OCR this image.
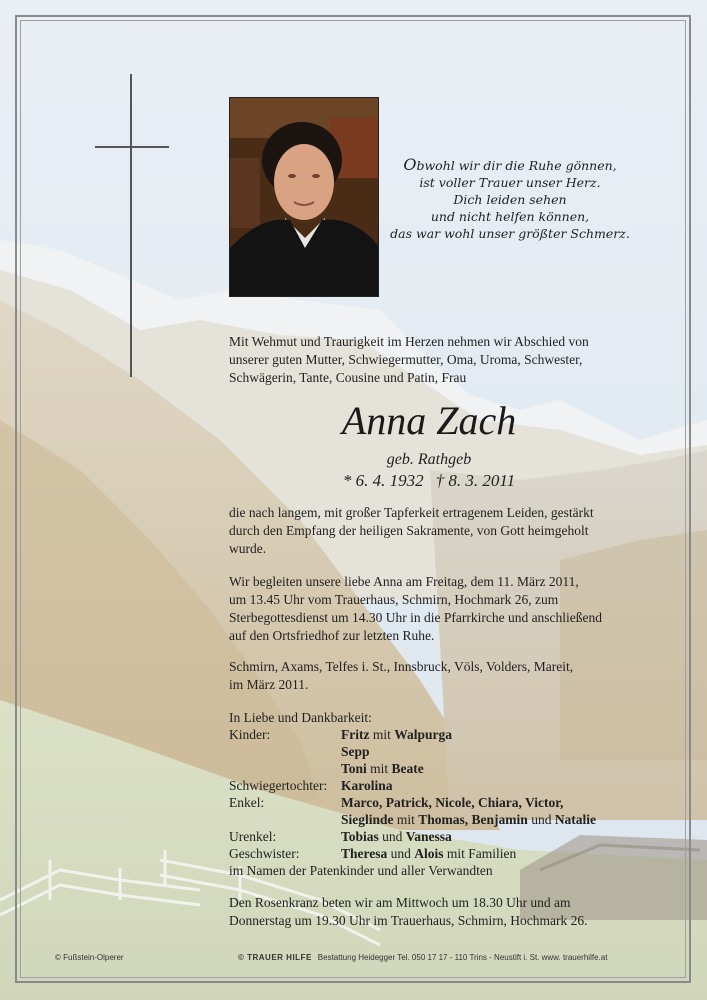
Obwohl wir dir die Ruhe gönnen,
ist voller Trauer unser Herz.
Dich leiden sehen
und nicht helfen können,
das war wohl unser größter Schmerz.
Mit Wehmut und Traurigkeit im Herzen nehmen wir Abschied von
unserer guten Mutter, Schwiegermutter, Oma, Uroma, Schwester,
Schwägerin, Tante, Cousine und Patin, Frau
Anna Zach
geb. Rathgeb
* 6. 4. 1932 † 8. 3. 2011
die nach langem, mit großer Tapferkeit ertragenem Leiden, gestärkt
durch den Empfang der heiligen Sakramente, von Gott heimgeholt
wurde.
Wir begleiten unsere liebe Anna am Freitag, dem 11. März 2011,
um 13.45 Uhr vom Trauerhaus, Schmirn, Hochmark 26, zum
Sterbegottesdienst um 14.30 Uhr in die Pfarrkirche und anschließend
auf den Ortsfriedhof zur letzten Ruhe.
Schmirn, Axams, Telfes i. St., Innsbruck, Völs, Volders, Mareit,
im März 2011.
In Liebe und Dankbarkeit:
Kinder:	Fritz mit Walpurga
Sepp
Toni mit Beate
Schwiegertochter:	Karolina
Enkel:	Marco, Patrick, Nicole, Chiara, Victor,
Sieglinde mit Thomas, Benjamin und Natalie
Urenkel:	Tobias und Vanessa
Geschwister:	Theresa und Alois mit Familien
im Namen der Patenkinder und aller Verwandten
Den Rosenkranz beten wir am Mittwoch um 18.30 Uhr und am
Donnerstag um 19.30 Uhr im Trauerhaus, Schmirn, Hochmark 26.
© Fußstein-Olperer	© TRAUER HILFE Bestattung Heidegger Tel. 050 17 17 - 110 Trins - Neustift i. St. www. trauerhilfe.at
